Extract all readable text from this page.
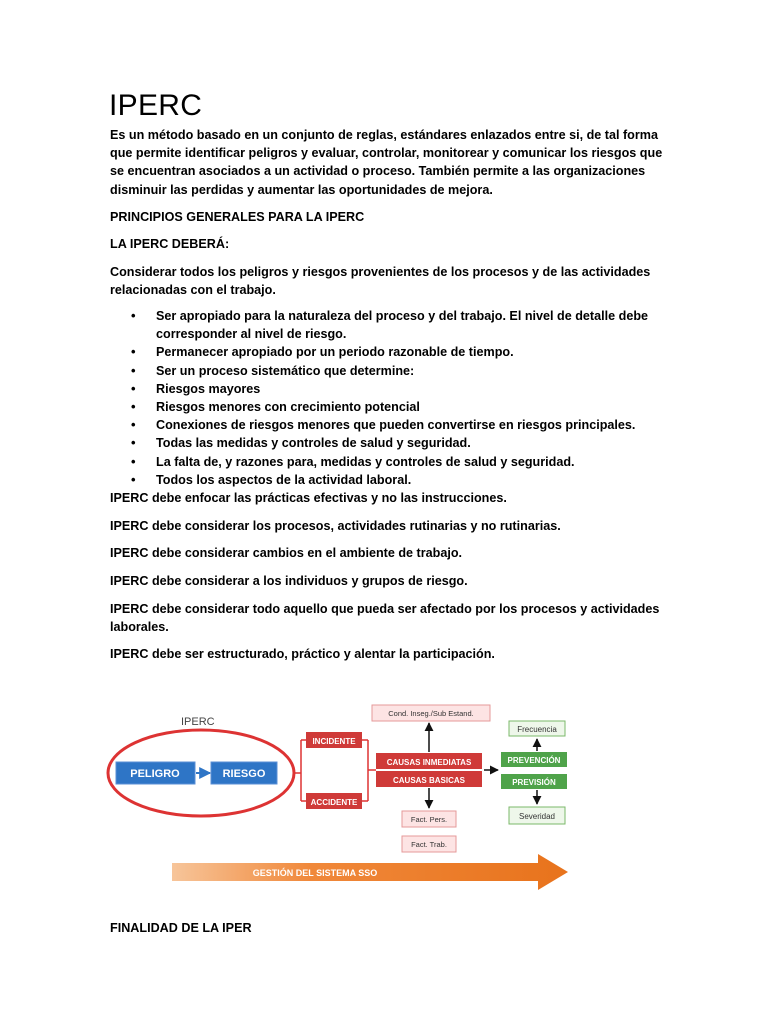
IPERC

Es un método basado en un conjunto de reglas, estándares enlazados entre si, de tal forma que permite identificar peligros y evaluar, controlar, monitorear y comunicar los riesgos que se encuentran asociados a un actividad o proceso. También permite a las organizaciones disminuir las perdidas y aumentar las oportunidades de mejora.

PRINCIPIOS GENERALES PARA LA IPERC

LA IPERC DEBERÁ:

Considerar todos los peligros y riesgos provenientes de los procesos y de las actividades relacionadas con el trabajo.

• Ser apropiado para la naturaleza del proceso y del trabajo. El nivel de detalle debe corresponder al nivel de riesgo.
• Permanecer apropiado por un periodo razonable de tiempo.
• Ser un proceso sistemático que determine:
• Riesgos mayores
• Riesgos menores con crecimiento potencial
• Conexiones de riesgos menores que pueden convertirse en riesgos principales.
• Todas las medidas y controles de salud y seguridad.
• La falta de, y razones para, medidas y controles de salud y seguridad.
• Todos los aspectos de la actividad laboral.

IPERC debe enfocar las prácticas efectivas y no las instrucciones.

IPERC debe considerar los procesos, actividades rutinarias y no rutinarias.

IPERC debe considerar cambios en el ambiente de trabajo.

IPERC debe considerar a los individuos y grupos de riesgo.

IPERC debe considerar todo aquello que pueda ser afectado por los procesos y actividades laborales.

IPERC debe ser estructurado, práctico y alentar la participación.

IPERC
PELIGRO	RIESGO
INCIDENTE
ACCIDENTE
CAUSAS INMEDIATAS
CAUSAS BASICAS
Cond. Inseg./Sub Estand.
Fact. Pers.
Fact. Trab.
Frecuencia
PREVENCIÓN
PREVISIÓN
Severidad
GESTIÓN DEL SISTEMA SSO

FINALIDAD DE LA IPER
